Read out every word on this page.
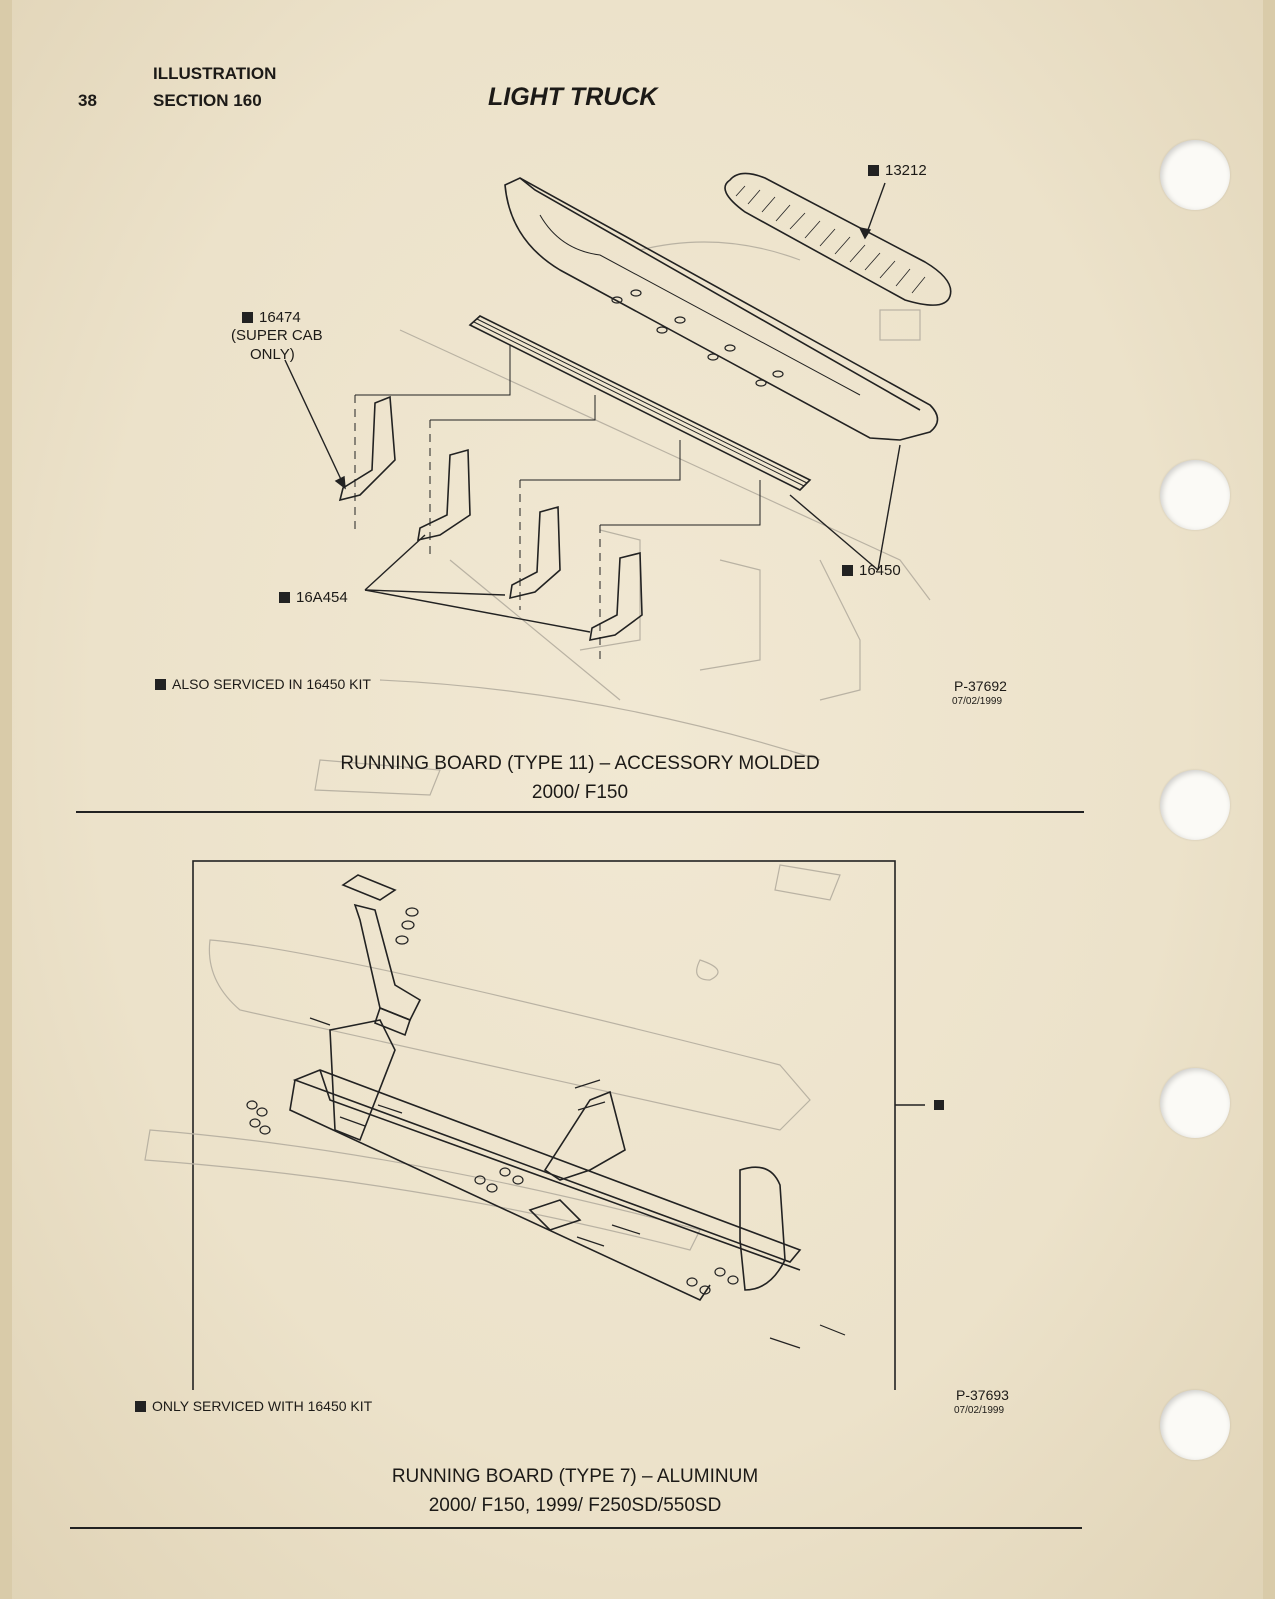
38
ILLUSTRATION
SECTION 160	LIGHT TRUCK
13212
16474
(SUPER CAB
ONLY)
16450
16A454
ALSO SERVICED IN 16450 KIT	P-37692
07/02/1999
RUNNING BOARD (TYPE 11) – ACCESSORY MOLDED
2000/ F150
ONLY SERVICED WITH 16450 KIT
P-37693
07/02/1999
RUNNING BOARD (TYPE 7) – ALUMINUM
2000/ F150, 1999/ F250SD/550SD
